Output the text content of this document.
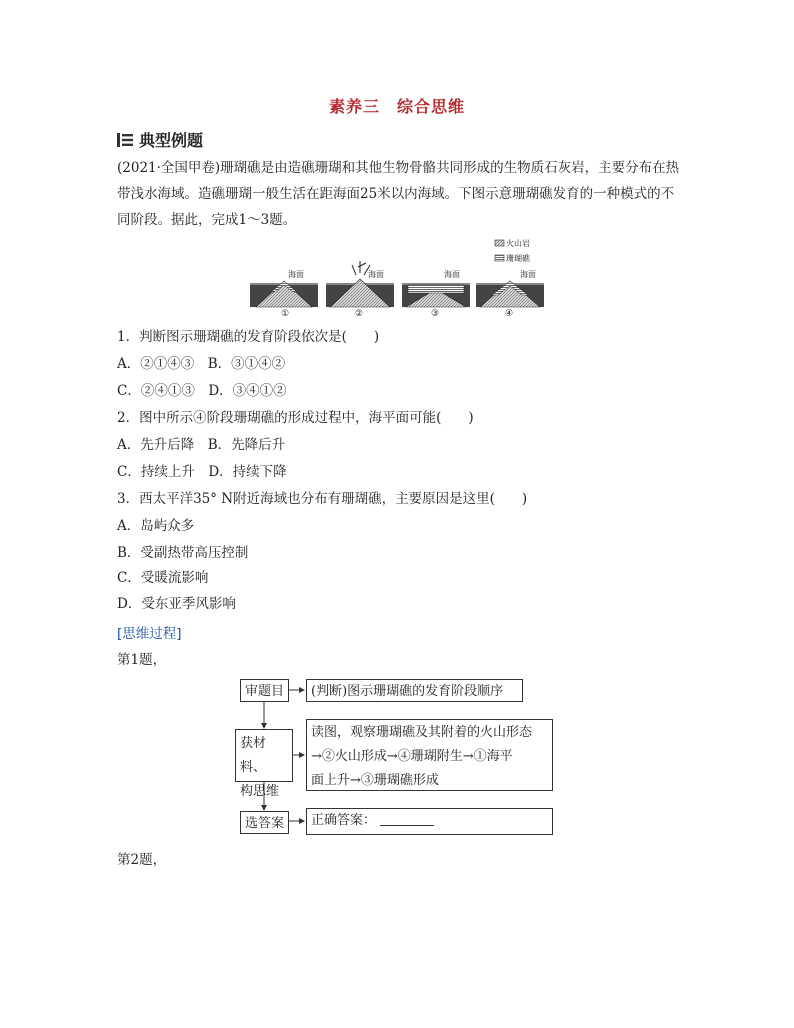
素养三　综合思维
典型例题
(2021·全国甲卷)珊瑚礁是由造礁珊瑚和其他生物骨骼共同形成的生物质石灰岩，主要分布在热带浅水海域。造礁珊瑚一般生活在距海面25米以内海域。下图示意珊瑚礁发育的一种模式的不同阶段。据此，完成1～3题。
火山岩
珊瑚礁
海面
①
海面
②
海面
③
海面
④
1．判断图示珊瑚礁的发育阶段依次是(　　)
A．②①④③　B．③①④②
C．②④①③　D．③④①②
2．图中所示④阶段珊瑚礁的形成过程中，海平面可能(　　)
A．先升后降　B．先降后升
C．持续上升　D．持续下降
3．西太平洋35° N附近海域也分布有珊瑚礁，主要原因是这里(　　)
A．岛屿众多
B．受副热带高压控制
C．受暖流影响
D．受东亚季风影响
[思维过程]
第1题，
审题目	(判断)图示珊瑚礁的发育阶段顺序
获材料、
构思维
读图，观察珊瑚礁及其附着的火山形态
→②火山形成→④珊瑚附生→①海平
面上升→③珊瑚礁形成
选答案	正确答案：
第2题，
